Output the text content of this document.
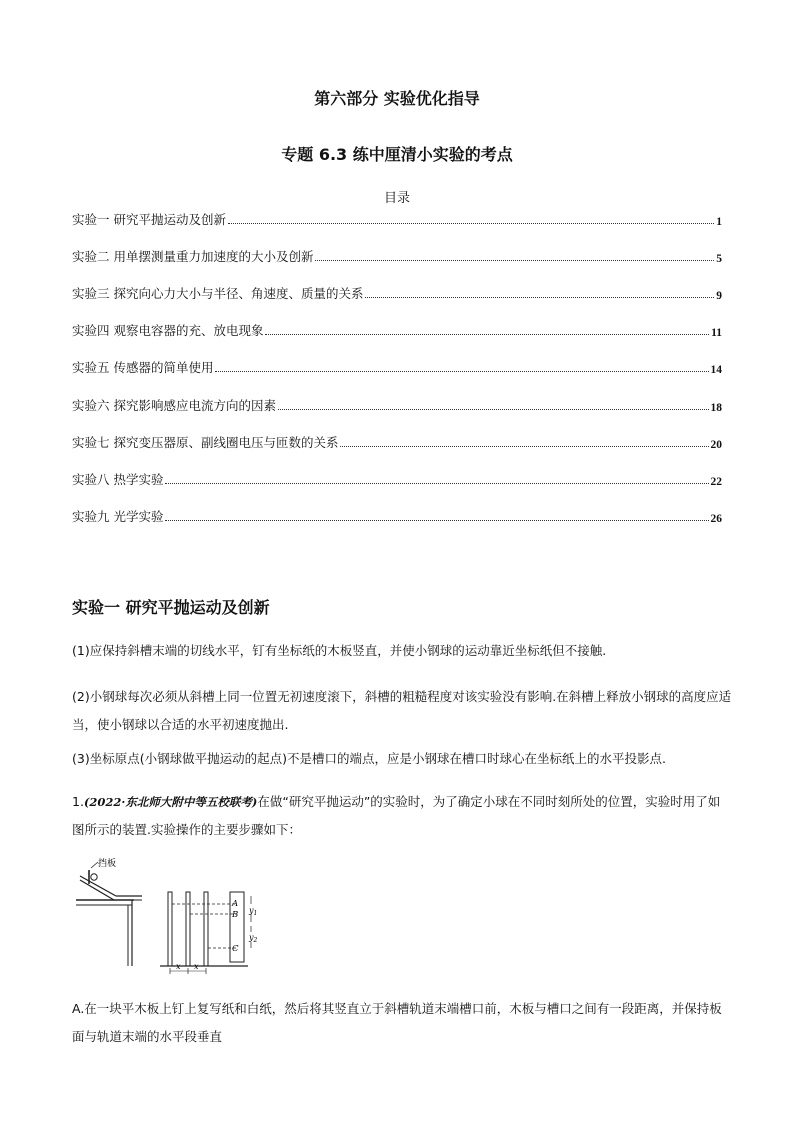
第六部分 实验优化指导
专题 6.3 练中厘清小实验的考点
目录
实验一 研究平抛运动及创新	1
实验二 用单摆测量重力加速度的大小及创新	5
实验三 探究向心力大小与半径、角速度、质量的关系	9
实验四 观察电容器的充、放电现象	11
实验五 传感器的简单使用	14
实验六 探究影响感应电流方向的因素	18
实验七 探究变压器原、副线圈电压与匝数的关系	20
实验八 热学实验	22
实验九 光学实验	26
实验一 研究平抛运动及创新
(1)应保持斜槽末端的切线水平，钉有坐标纸的木板竖直，并使小钢球的运动靠近坐标纸但不接触.
(2)小钢球每次必须从斜槽上同一位置无初速度滚下，斜槽的粗糙程度对该实验没有影响.在斜槽上释放小钢球的高度应适当，使小钢球以合适的水平初速度抛出.
(3)坐标原点(小钢球做平抛运动的起点)不是槽口的端点，应是小钢球在槽口时球心在坐标纸上的水平投影点.
1.(2022·东北师大附中等五校联考)在做“研究平抛运动”的实验时，为了确定小球在不同时刻所处的位置，实验时用了如图所示的装置.实验操作的主要步骤如下：
挡板
A
B
C
$y_1$
$y_2$
x x
A.在一块平木板上钉上复写纸和白纸，然后将其竖直立于斜槽轨道末端槽口前，木板与槽口之间有一段距离，并保持板面与轨道末端的水平段垂直
